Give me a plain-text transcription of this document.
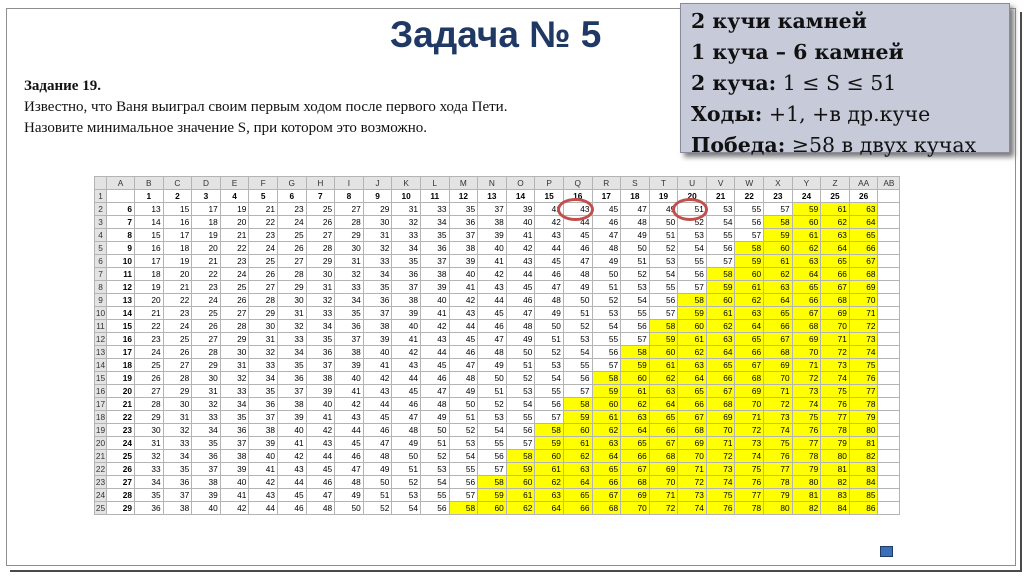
Задача № 5	2 кучи камней
1 куча – 6 камней
2 куча: 1 ≤ S ≤ 51
Ходы: +1, +в др.куче
Победа: ≥58 в двух кучах
Задание 19.
Известно, что Ваня выиграл своим первым ходом после первого хода Пети.
Назовите минимальное значение S, при котором это возможно.
	A	B	C	D	E	F	G	H	I	J	K	L	M	N	O	P	Q	R	S	T	U	V	W	X	Y	Z	AA	AB
1		1	2	3	4	5	6	7	8	9	10	11	12	13	14	15	16	17	18	19	20	21	22	23	24	25	26	
2	6	13	15	17	19	21	23	25	27	29	31	33	35	37	39	41	43	45	47	49	51	53	55	57	59	61	63	
3	7	14	16	18	20	22	24	26	28	30	32	34	36	38	40	42	44	46	48	50	52	54	56	58	60	62	64	
4	8	15	17	19	21	23	25	27	29	31	33	35	37	39	41	43	45	47	49	51	53	55	57	59	61	63	65	
5	9	16	18	20	22	24	26	28	30	32	34	36	38	40	42	44	46	48	50	52	54	56	58	60	62	64	66	
6	10	17	19	21	23	25	27	29	31	33	35	37	39	41	43	45	47	49	51	53	55	57	59	61	63	65	67	
7	11	18	20	22	24	26	28	30	32	34	36	38	40	42	44	46	48	50	52	54	56	58	60	62	64	66	68	
8	12	19	21	23	25	27	29	31	33	35	37	39	41	43	45	47	49	51	53	55	57	59	61	63	65	67	69	
9	13	20	22	24	26	28	30	32	34	36	38	40	42	44	46	48	50	52	54	56	58	60	62	64	66	68	70	
10	14	21	23	25	27	29	31	33	35	37	39	41	43	45	47	49	51	53	55	57	59	61	63	65	67	69	71	
11	15	22	24	26	28	30	32	34	36	38	40	42	44	46	48	50	52	54	56	58	60	62	64	66	68	70	72	
12	16	23	25	27	29	31	33	35	37	39	41	43	45	47	49	51	53	55	57	59	61	63	65	67	69	71	73	
13	17	24	26	28	30	32	34	36	38	40	42	44	46	48	50	52	54	56	58	60	62	64	66	68	70	72	74	
14	18	25	27	29	31	33	35	37	39	41	43	45	47	49	51	53	55	57	59	61	63	65	67	69	71	73	75	
15	19	26	28	30	32	34	36	38	40	42	44	46	48	50	52	54	56	58	60	62	64	66	68	70	72	74	76	
16	20	27	29	31	33	35	37	39	41	43	45	47	49	51	53	55	57	59	61	63	65	67	69	71	73	75	77	
17	21	28	30	32	34	36	38	40	42	44	46	48	50	52	54	56	58	60	62	64	66	68	70	72	74	76	78	
18	22	29	31	33	35	37	39	41	43	45	47	49	51	53	55	57	59	61	63	65	67	69	71	73	75	77	79	
19	23	30	32	34	36	38	40	42	44	46	48	50	52	54	56	58	60	62	64	66	68	70	72	74	76	78	80	
20	24	31	33	35	37	39	41	43	45	47	49	51	53	55	57	59	61	63	65	67	69	71	73	75	77	79	81	
21	25	32	34	36	38	40	42	44	46	48	50	52	54	56	58	60	62	64	66	68	70	72	74	76	78	80	82	
22	26	33	35	37	39	41	43	45	47	49	51	53	55	57	59	61	63	65	67	69	71	73	75	77	79	81	83	
23	27	34	36	38	40	42	44	46	48	50	52	54	56	58	60	62	64	66	68	70	72	74	76	78	80	82	84	
24	28	35	37	39	41	43	45	47	49	51	53	55	57	59	61	63	65	67	69	71	73	75	77	79	81	83	85	
25	29	36	38	40	42	44	46	48	50	52	54	56	58	60	62	64	66	68	70	72	74	76	78	80	82	84	86	
